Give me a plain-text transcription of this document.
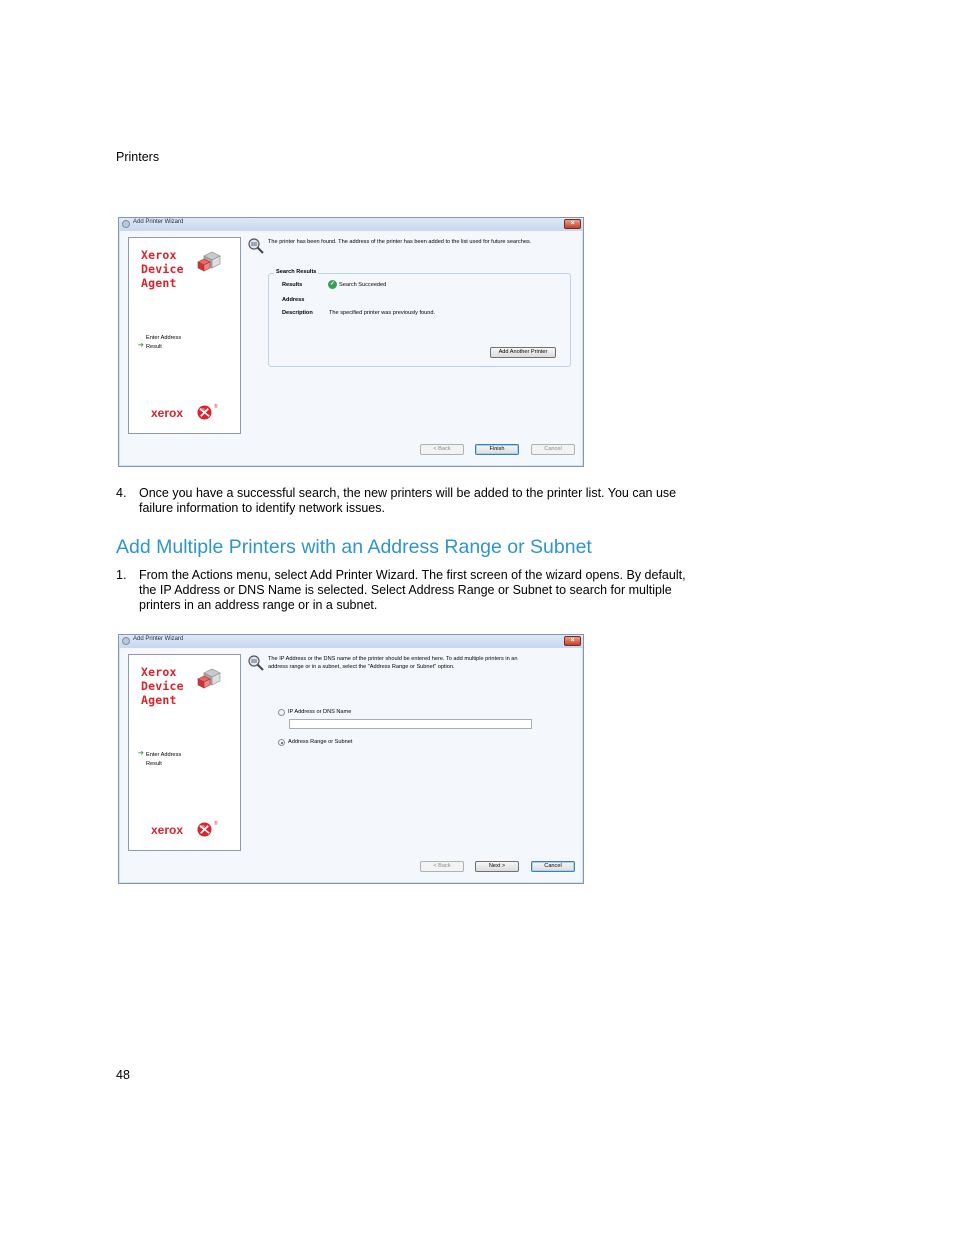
Printers
Add Printer Wizard	×
Xerox
Device
Agent
Enter Address
➔ Result
xerox	®
The printer has been found. The address of the printer has been added to the list used for future searches.
Search Results
Results	✓ Search Succeeded
Address
Description	The specified printer was previously found.
Add Another Printer
< Back	Finish	Cancel
4. Once you have a successful search, the new printers will be added to the printer list. You can use failure information to identify network issues.
Add Multiple Printers with an Address Range or Subnet
1. From the Actions menu, select Add Printer Wizard. The first screen of the wizard opens. By default, the IP Address or DNS Name is selected. Select Address Range or Subnet to search for multiple printers in an address range or in a subnet.
Add Printer Wizard	×
Xerox
Device
Agent
➔ Enter Address
Result
xerox	®
The IP Address or the DNS name of the printer should be entered here. To add multiple printers in an address range or in a subnet, select the "Address Range or Subnet" option.
IP Address or DNS Name
Address Range or Subnet
< Back	Next >	Cancel
48
